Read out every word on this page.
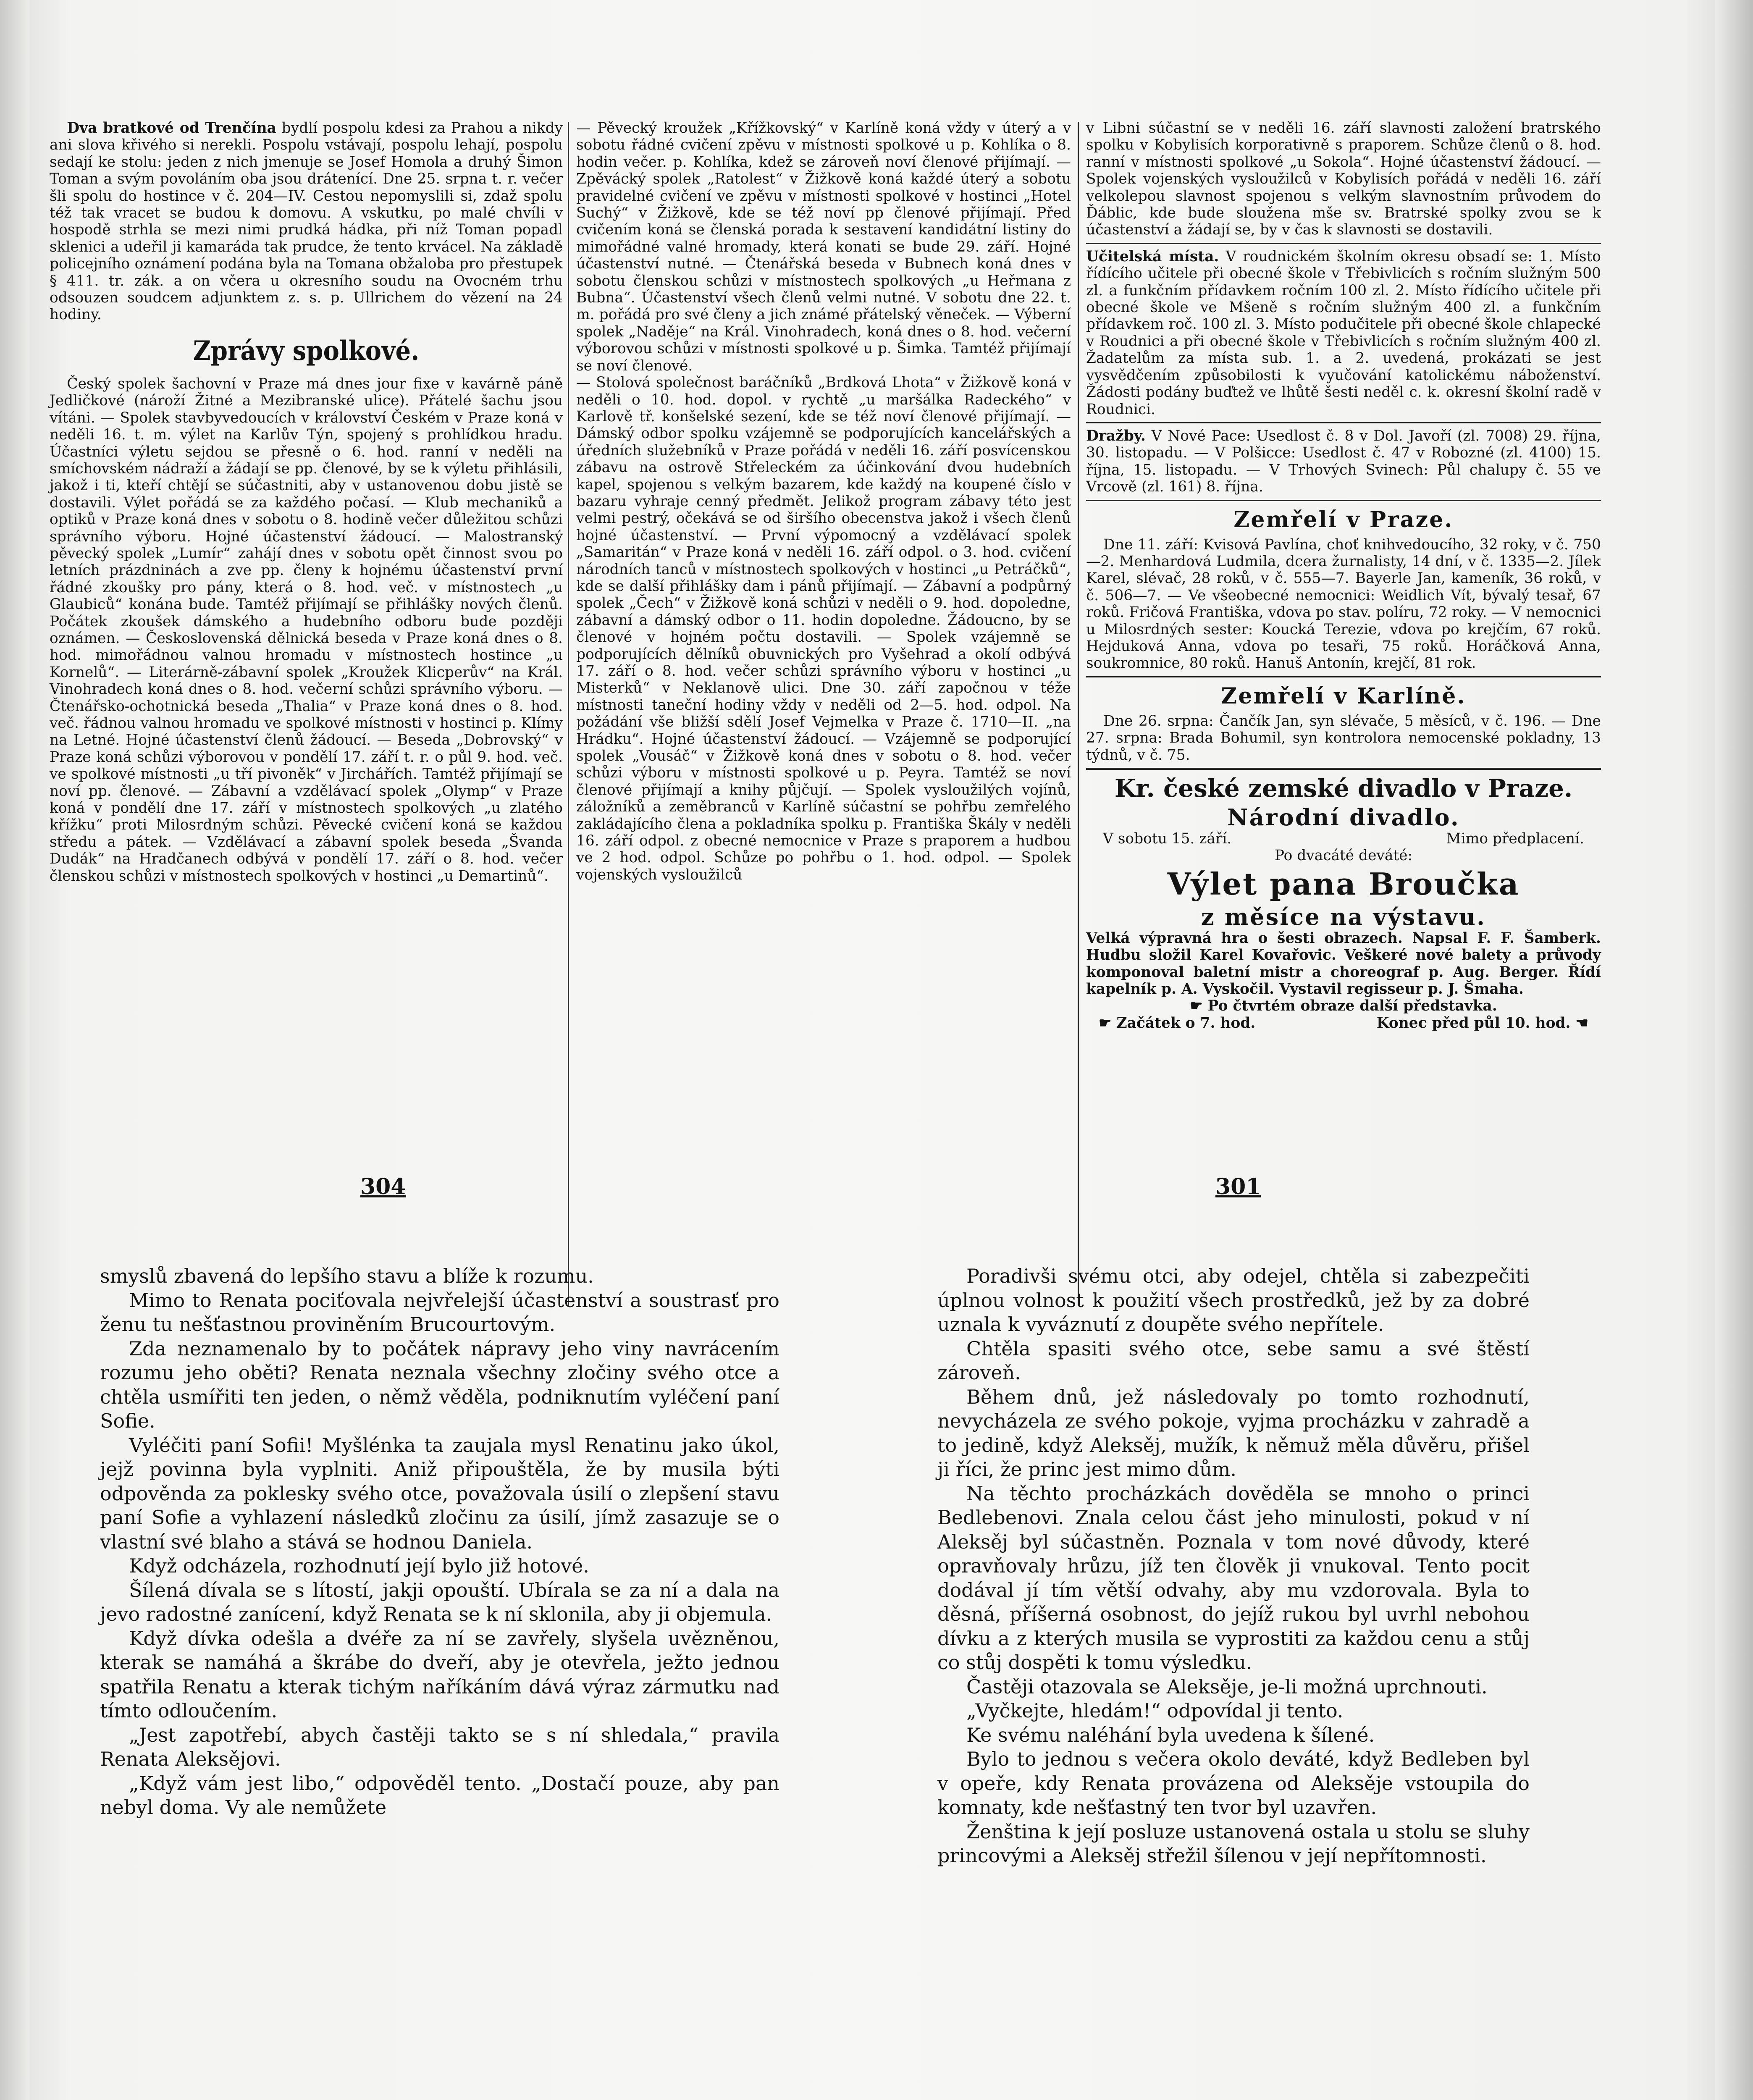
Dva bratkové od Trenčína bydlí pospolu kdesi za Prahou a nikdy ani slova křivého si nerekli. Pospolu vstávají, pospolu lehají, pospolu sedají ke stolu: jeden z nich jmenuje se Josef Homola a druhý Šimon Toman a svým povoláním oba jsou drátenící. Dne 25. srpna t. r. večer šli spolu do hostince v č. 204—IV. Cestou nepomyslili si, zdaž spolu též tak vracet se budou k domovu. A vskutku, po malé chvíli v hospodě strhla se mezi nimi prudká hádka, při níž Toman popadl sklenici a udeřil ji kamaráda tak prudce, že tento krvácel. Na základě policejního oznámení podána byla na Tomana obžaloba pro přestupek § 411. tr. zák. a on včera u okresního soudu na Ovocném trhu odsouzen soudcem adjunktem z. s. p. Ullrichem do vězení na 24 hodiny.

Zprávy spolkové.

Český spolek šachovní v Praze má dnes jour fixe v kavárně páně Jedličkové (nároží Žitné a Mezibranské ulice). Přátelé šachu jsou vítáni. — Spolek stavbyvedoucích v království Českém v Praze koná v neděli 16. t. m. výlet na Karlův Týn, spojený s prohlídkou hradu. Účastníci výletu sejdou se přesně o 6. hod. ranní v neděli na smíchovském nádraží a žádají se pp. členové, by se k výletu přihlásili, jakož i ti, kteří chtějí se súčastniti, aby v ustanovenou dobu jistě se dostavili. Výlet pořádá se za každého počasí. — Klub mechaniků a optiků v Praze koná dnes v sobotu o 8. hodině večer důležitou schůzi správního výboru. Hojné účastenství žádoucí. — Malostranský pěvecký spolek „Lumír“ zahájí dnes v sobotu opět činnost svou po letních prázdninách a zve pp. členy k hojnému účastenství první řádné zkoušky pro pány, která o 8. hod. več. v místnostech „u Glaubiců“ konána bude. Tamtéž přijímají se přihlášky nových členů. Počátek zkoušek dámského a hudebního odboru bude později oznámen. — Československá dělnická beseda v Praze koná dnes o 8. hod. mimořádnou valnou hromadu v místnostech hostince „u Kornelů“. — Literárně-zábavní spolek „Kroužek Klicperův“ na Král. Vinohradech koná dnes o 8. hod. večerní schůzi správního výboru. —Čtenářsko-ochotnická beseda „Thalia“ v Praze koná dnes o 8. hod. več. řádnou valnou hromadu ve spolkové místnosti v hostinci p. Klímy na Letné. Hojné účastenství členů žádoucí. — Beseda „Dobrovský“ v Praze koná schůzi výborovou v pondělí 17. září t. r. o půl 9. hod. več. ve spolkové místnosti „u tří pivoněk“ v Jirchářích. Tamtéž přijímají se noví pp. členové. — Zábavní a vzdělávací spolek „Olymp“ v Praze koná v pondělí dne 17. září v místnostech spolkových „u zlatého křížku“ proti Milosrdným schůzi. Pěvecké cvičení koná se každou středu a pátek. — Vzdělávací a zábavní spolek beseda „Švanda Dudák“ na Hradčanech odbývá v pondělí 17. září o 8. hod. večer členskou schůzi v místnostech spolkových v hostinci „u Demartinů“.

— Pěvecký kroužek „Křížkovský“ v Karlíně koná vždy v úterý a v sobotu řádné cvičení zpěvu v místnosti spolkové u p. Kohlíka o 8. hodin večer. p. Kohlíka, kdež se zároveň noví členové přijímají. — Zpěvácký spolek „Ratolest“ v Žižkově koná každé úterý a sobotu pravidelné cvičení ve zpěvu v místnosti spolkové v hostinci „Hotel Suchý“ v Žižkově, kde se též noví pp členové přijímají. Před cvičením koná se členská porada k sestavení kandidátní listiny do mimořádné valné hromady, která konati se bude 29. září. Hojné účastenství nutné. — Čtenářská beseda v Bubnech koná dnes v sobotu členskou schůzi v místnostech spolkových „u Heřmana z Bubna“. Účastenství všech členů velmi nutné. V sobotu dne 22. t. m. pořádá pro své členy a jich známé přátelský věneček. — Výberní spolek „Naděje“ na Král. Vinohradech, koná dnes o 8. hod. večerní výborovou schůzi v místnosti spolkové u p. Šimka. Tamtéž přijímají se noví členové.

— Stolová společnost baráčníků „Brdková Lhota“ v Žižkově koná v neděli o 10. hod. dopol. v rychtě „u maršálka Radeckého“ v Karlově tř. konšelské sezení, kde se též noví členové přijímají. — Dámský odbor spolku vzájemně se podporujících kancelářských a úředních služebníků v Praze pořádá v neděli 16. září posvícenskou zábavu na ostrově Střeleckém za účinkování dvou hudebních kapel, spojenou s velkým bazarem, kde každý na koupené číslo v bazaru vyhraje cenný předmět. Jelikož program zábavy této jest velmi pestrý, očekává se od širšího obecenstva jakož i všech členů hojné účastenství. — První výpomocný a vzdělávací spolek „Samaritán“ v Praze koná v neděli 16. září odpol. o 3. hod. cvičení národních tanců v místnostech spolkových v hostinci „u Petráčků“, kde se další přihlášky dam i pánů přijímají. — Zábavní a podpůrný spolek „Čech“ v Žižkově koná schůzi v neděli o 9. hod. dopoledne, zábavní a dámský odbor o 11. hodin dopoledne. Žádoucno, by se členové v hojném počtu dostavili. — Spolek vzájemně se podporujících dělníků obuvnických pro Vyšehrad a okolí odbývá 17. září o 8. hod. večer schůzi správního výboru v hostinci „u Misterků“ v Neklanově ulici. Dne 30. září započnou v téže místnosti taneční hodiny vždy v neděli od 2—5. hod. odpol. Na požádání vše bližší sdělí Josef Vejmelka v Praze č. 1710—II. „na Hrádku“. Hojné účastenství žádoucí. — Vzájemně se podporující spolek „Vousáč“ v Žižkově koná dnes v sobotu o 8. hod. večer schůzi výboru v místnosti spolkové u p. Peyra. Tamtéž se noví členové přijímají a knihy půjčují. — Spolek vysloužilých vojínů, záložníků a zeměbranců v Karlíně súčastní se pohřbu zemřelého zakládajícího člena a pokladníka spolku p. Františka Škály v neděli 16. září odpol. z obecné nemocnice v Praze s praporem a hudbou ve 2 hod. odpol. Schůze po pohřbu o 1. hod. odpol. — Spolek vojenských vysloužilců

v Libni súčastní se v neděli 16. září slavnosti založení bratrského spolku v Kobylisích korporativně s praporem. Schůze členů o 8. hod. ranní v místnosti spolkové „u Sokola“. Hojné účastenství žádoucí. — Spolek vojenských vysloužilců v Kobylisích pořádá v neděli 16. září velkolepou slavnost spojenou s velkým slavnostním průvodem do Ďáblic, kde bude sloužena mše sv. Bratrské spolky zvou se k účastenství a žádají se, by v čas k slavnosti se dostavili.

Učitelská místa. V roudnickém školním okresu obsadí se: 1. Místo řídícího učitele při obecné škole v Třebivlicích s ročním služným 500 zl. a funkčním přídavkem ročním 100 zl. 2. Místo řídícího učitele při obecné škole ve Mšeně s ročním služným 400 zl. a funkčním přídavkem roč. 100 zl. 3. Místo podučitele při obecné škole chlapecké v Roudnici a při obecné škole v Třebivlicích s ročním služným 400 zl. Žadatelům za místa sub. 1. a 2. uvedená, prokázati se jest vysvědčením způsobilosti k vyučování katolickému náboženství. Žádosti podány buďtež ve lhůtě šesti neděl c. k. okresní školní radě v Roudnici.

Dražby. V Nové Pace: Usedlost č. 8 v Dol. Javoří (zl. 7008) 29. října, 30. listopadu. — V Polšicce: Usedlost č. 47 v Robozné (zl. 4100) 15. října, 15. listopadu. — V Trhových Svinech: Půl chalupy č. 55 ve Vrcově (zl. 161) 8. října.

Zemřelí v Praze.

Dne 11. září: Kvisová Pavlína, choť knihvedoucího, 32 roky, v č. 750—2. Menhardová Ludmila, dcera žurnalisty, 14 dní, v č. 1335—2. Jílek Karel, slévač, 28 roků, v č. 555—7. Bayerle Jan, kameník, 36 roků, v č. 506—7. — Ve všeobecné nemocnici: Weidlich Vít, bývalý tesař, 67 roků. Fričová Františka, vdova po stav. políru, 72 roky. — V nemocnici u Milosrdných sester: Koucká Terezie, vdova po krejčím, 67 roků. Hejduková Anna, vdova po tesaři, 75 roků. Horáčková Anna, soukromnice, 80 roků. Hanuš Antonín, krejčí, 81 rok.

Zemřelí v Karlíně.

Dne 26. srpna: Čančík Jan, syn slévače, 5 měsíců, v č. 196. — Dne 27. srpna: Brada Bohumil, syn kontrolora nemocenské pokladny, 13 týdnů, v č. 75.

Kr. české zemské divadlo v Praze.
Národní divadlo.
V sobotu 15. září.	Mimo předplacení.

Po dvacáté deváté:

Výlet pana Broučka
z měsíce na výstavu.

Velká výpravná hra o šesti obrazech. Napsal F. F. Šamberk. Hudbu složil Karel Kovařovic. Veškeré nové balety a průvody komponoval baletní mistr a choreograf p. Aug. Berger. Řídí kapelník p. A. Vyskočil. Vystavil regisseur p. J. Šmaha.

☛ Po čtvrtém obraze další představka.

☛ Začátek o 7. hod.	Konec před půl 10. hod. ☚
304	301

smyslů zbavená do lepšího stavu a blíže k rozumu.

Mimo to Renata pociťovala nejvřelejší účastenství a soustrasť pro ženu tu nešťastnou proviněním Brucourtovým.

Zda neznamenalo by to počátek nápravy jeho viny navrácením rozumu jeho oběti? Renata neznala všechny zločiny svého otce a chtěla usmířiti ten jeden, o němž věděla, podniknutím vyléčení paní Sofie.

Vyléčiti paní Sofii! Myšlénka ta zaujala mysl Renatinu jako úkol, jejž povinna byla vyplniti. Aniž připouštěla, že by musila býti odpověnda za poklesky svého otce, považovala úsilí o zlepšení stavu paní Sofie a vyhlazení následků zločinu za úsilí, jímž zasazuje se o vlastní své blaho a stává se hodnou Daniela.

Když odcházela, rozhodnutí její bylo již hotové.

Šílená dívala se s lítostí, jakji opouští. Ubírala se za ní a dala na jevo radostné zanícení, když Renata se k ní sklonila, aby ji objemula.

Když dívka odešla a dvéře za ní se zavřely, slyšela uvězněnou, kterak se namáhá a škrábe do dveří, aby je otevřela, ježto jednou spatřila Renatu a kterak tichým naříkáním dává výraz zármutku nad tímto odloučením.

„Jest zapotřebí, abych častěji takto se s ní shledala,“ pravila Renata Aleksějovi.

„Když vám jest libo,“ odpověděl tento. „Dostačí pouze, aby pan nebyl doma. Vy ale nemůžete

Poradivši svému otci, aby odejel, chtěla si zabezpečiti úplnou volnost k použití všech prostředků, jež by za dobré uznala k vyváznutí z doupěte svého nepřítele.

Chtěla spasiti svého otce, sebe samu a své štěstí zároveň.

Během dnů, jež následovaly po tomto rozhodnutí, nevycházela ze svého pokoje, vyjma procházku v zahradě a to jedině, když Aleksěj, mužík, k němuž měla důvěru, přišel ji říci, že princ jest mimo dům.

Na těchto procházkách dověděla se mnoho o princi Bedlebenovi. Znala celou část jeho minulosti, pokud v ní Aleksěj byl súčastněn. Poznala v tom nové důvody, které opravňovaly hrůzu, jíž ten člověk ji vnukoval. Tento pocit dodával jí tím větší odvahy, aby mu vzdorovala. Byla to děsná, příšerná osobnost, do jejíž rukou byl uvrhl nebohou dívku a z kterých musila se vyprostiti za každou cenu a stůj co stůj dospěti k tomu výsledku.

Častěji otazovala se Aleksěje, je-li možná uprchnouti.

„Vyčkejte, hledám!“ odpovídal ji tento.

Ke svému naléhání byla uvedena k šílené.

Bylo to jednou s večera okolo deváté, když Bedleben byl v opeře, kdy Renata provázena od Aleksěje vstoupila do komnaty, kde nešťastný ten tvor byl uzavřen.

Ženština k její posluze ustanovená ostala u stolu se sluhy princovými a Aleksěj střežil šílenou v její nepřítomnosti.
